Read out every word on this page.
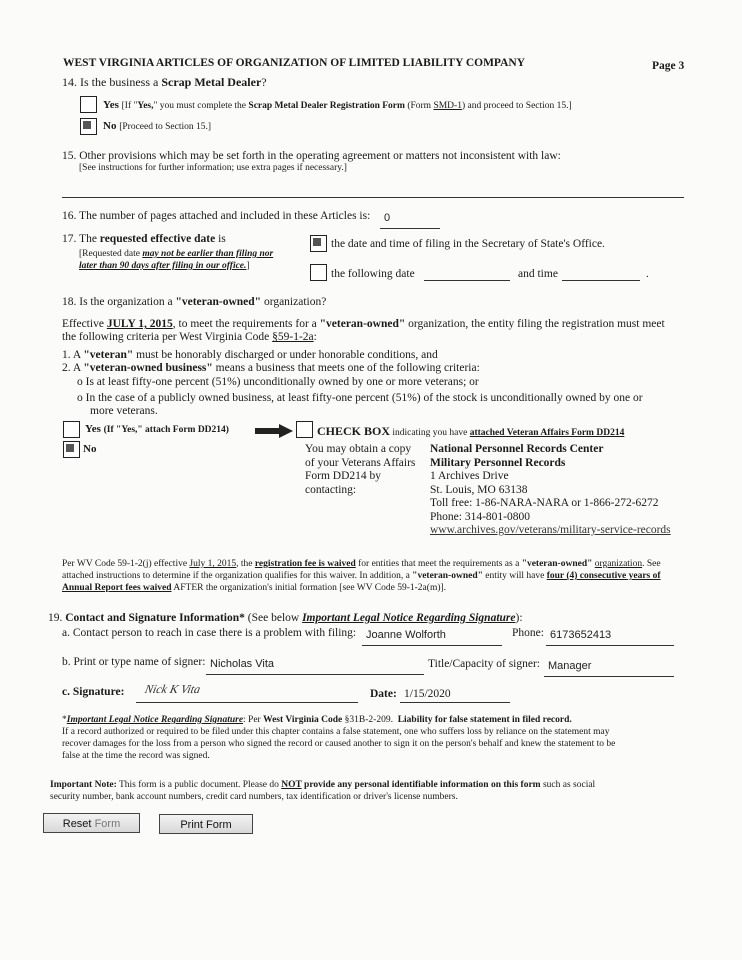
WEST VIRGINIA ARTICLES OF ORGANIZATION OF LIMITED LIABILITY COMPANY	Page 3
14. Is the business a Scrap Metal Dealer?
Yes [If "Yes," you must complete the Scrap Metal Dealer Registration Form (Form SMD-1) and proceed to Section 15.]
No [Proceed to Section 15.]
15. Other provisions which may be set forth in the operating agreement or matters not inconsistent with law:
[See instructions for further information; use extra pages if necessary.]
16. The number of pages attached and included in these Articles is: 0
17. The requested effective date is
[Requested date may not be earlier than filing nor
later than 90 days after filing in our office.]
the date and time of filing in the Secretary of State's Office.
the following date	and time	.
18. Is the organization a "veteran-owned" organization?
Effective JULY 1, 2015, to meet the requirements for a "veteran-owned" organization, the entity filing the registration must meet
the following criteria per West Virginia Code §59-1-2a:
1. A "veteran" must be honorably discharged or under honorable conditions, and
2. A "veteran-owned business" means a business that meets one of the following criteria:
o Is at least fifty-one percent (51%) unconditionally owned by one or more veterans; or
o In the case of a publicly owned business, at least fifty-one percent (51%) of the stock is unconditionally owned by one or
more veterans.
Yes (If "Yes," attach Form DD214)	CHECK BOX indicating you have attached Veteran Affairs Form DD214
No	You may obtain a copy
of your Veterans Affairs
Form DD214 by
contacting:
National Personnel Records Center
Military Personnel Records
1 Archives Drive
St. Louis, MO 63138
Toll free: 1-86-NARA-NARA or 1-866-272-6272
Phone: 314-801-0800
www.archives.gov/veterans/military-service-records
Per WV Code 59-1-2(j) effective July 1, 2015, the registration fee is waived for entities that meet the requirements as a "veteran-owned" organization. See attached instructions to determine if the organization qualifies for this waiver. In addition, a "veteran-owned" entity will have four (4) consecutive years of Annual Report fees waived AFTER the organization's initial formation [see WV Code 59-1-2a(m)].
19. Contact and Signature Information* (See below Important Legal Notice Regarding Signature):
a. Contact person to reach in case there is a problem with filing: Joanne Wolforth	Phone: 6173652413
b. Print or type name of signer: Nicholas Vita	Title/Capacity of signer: Manager
c. Signature: Nick K Vita	Date: 1/15/2020
*Important Legal Notice Regarding Signature: Per West Virginia Code §31B-2-209. Liability for false statement in filed record.
If a record authorized or required to be filed under this chapter contains a false statement, one who suffers loss by reliance on the statement may
recover damages for the loss from a person who signed the record or caused another to sign it on the person's behalf and knew the statement to be
false at the time the record was signed.
Important Note: This form is a public document. Please do NOT provide any personal identifiable information on this form such as social
security number, bank account numbers, credit card numbers, tax identification or driver's license numbers.
Reset Form	Print Form
